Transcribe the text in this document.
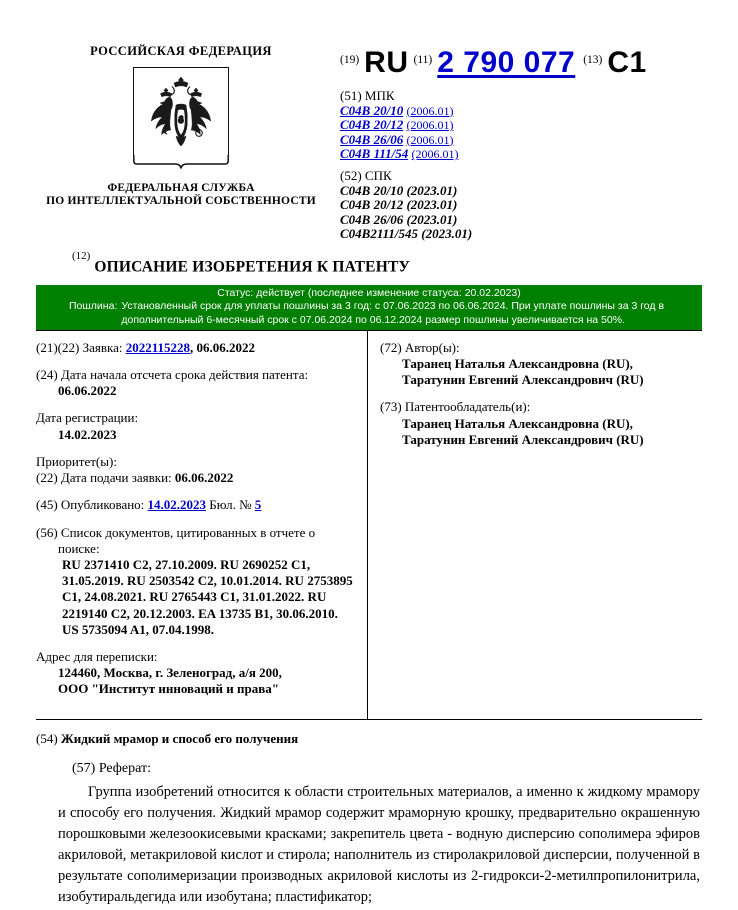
РОССИЙСКАЯ ФЕДЕРАЦИЯ
ФЕДЕРАЛЬНАЯ СЛУЖБА
ПО ИНТЕЛЛЕКТУАЛЬНОЙ СОБСТВЕННОСТИ
(19) RU (11) 2 790 077 (13) C1
(51) МПК
C04B 20/10 (2006.01)
C04B 20/12 (2006.01)
C04B 26/06 (2006.01)
C04B 111/54 (2006.01)
(52) СПК
C04B 20/10 (2023.01)
C04B 20/12 (2023.01)
C04B 26/06 (2023.01)
C04B2111/545 (2023.01)
$^{(12)}$ ОПИСАНИЕ ИЗОБРЕТЕНИЯ К ПАТЕНТУ
Статус: действует (последнее изменение статуса: 20.02.2023)
Пошлина: Установленный срок для уплаты пошлины за 3 год: с 07.06.2023 по 06.06.2024. При уплате пошлины за 3 год в дополнительный 6-месячный срок с 07.06.2024 по 06.12.2024 размер пошлины увеличивается на 50%.
(21)(22) Заявка: 2022115228, 06.06.2022
(24) Дата начала отсчета срока действия патента:
06.06.2022
Дата регистрации:
14.02.2023
Приоритет(ы):
(22) Дата подачи заявки: 06.06.2022
(45) Опубликовано: 14.02.2023 Бюл. № 5
(56) Список документов, цитированных в отчете о поиске:
RU 2371410 C2, 27.10.2009. RU 2690252 C1, 31.05.2019. RU 2503542 C2, 10.01.2014. RU 2753895 C1, 24.08.2021. RU 2765443 C1, 31.01.2022. RU 2219140 C2, 20.12.2003. EA 13735 B1, 30.06.2010. US 5735094 A1, 07.04.1998.
Адрес для переписки:
124460, Москва, г. Зеленоград, а/я 200,
ООО "Институт инноваций и права"
(72) Автор(ы):
Таранец Наталья Александровна (RU),
Таратунин Евгений Александрович (RU)
(73) Патентообладатель(и):
Таранец Наталья Александровна (RU),
Таратунин Евгений Александрович (RU)
(54) Жидкий мрамор и способ его получения
(57) Реферат:
Группа изобретений относится к области строительных материалов, а именно к жидкому мрамору и способу его получения. Жидкий мрамор содержит мраморную крошку, предварительно окрашенную порошковыми железоокисевыми красками; закрепитель цвета - водную дисперсию сополимера эфиров акриловой, метакриловой кислот и стирола; наполнитель из стиролакриловой дисперсии, полученной в результате сополимеризации производных акриловой кислоты из 2-гидрокси-2-метилпропилонитрила, изобутиральдегида или изобутана; пластификатор;
